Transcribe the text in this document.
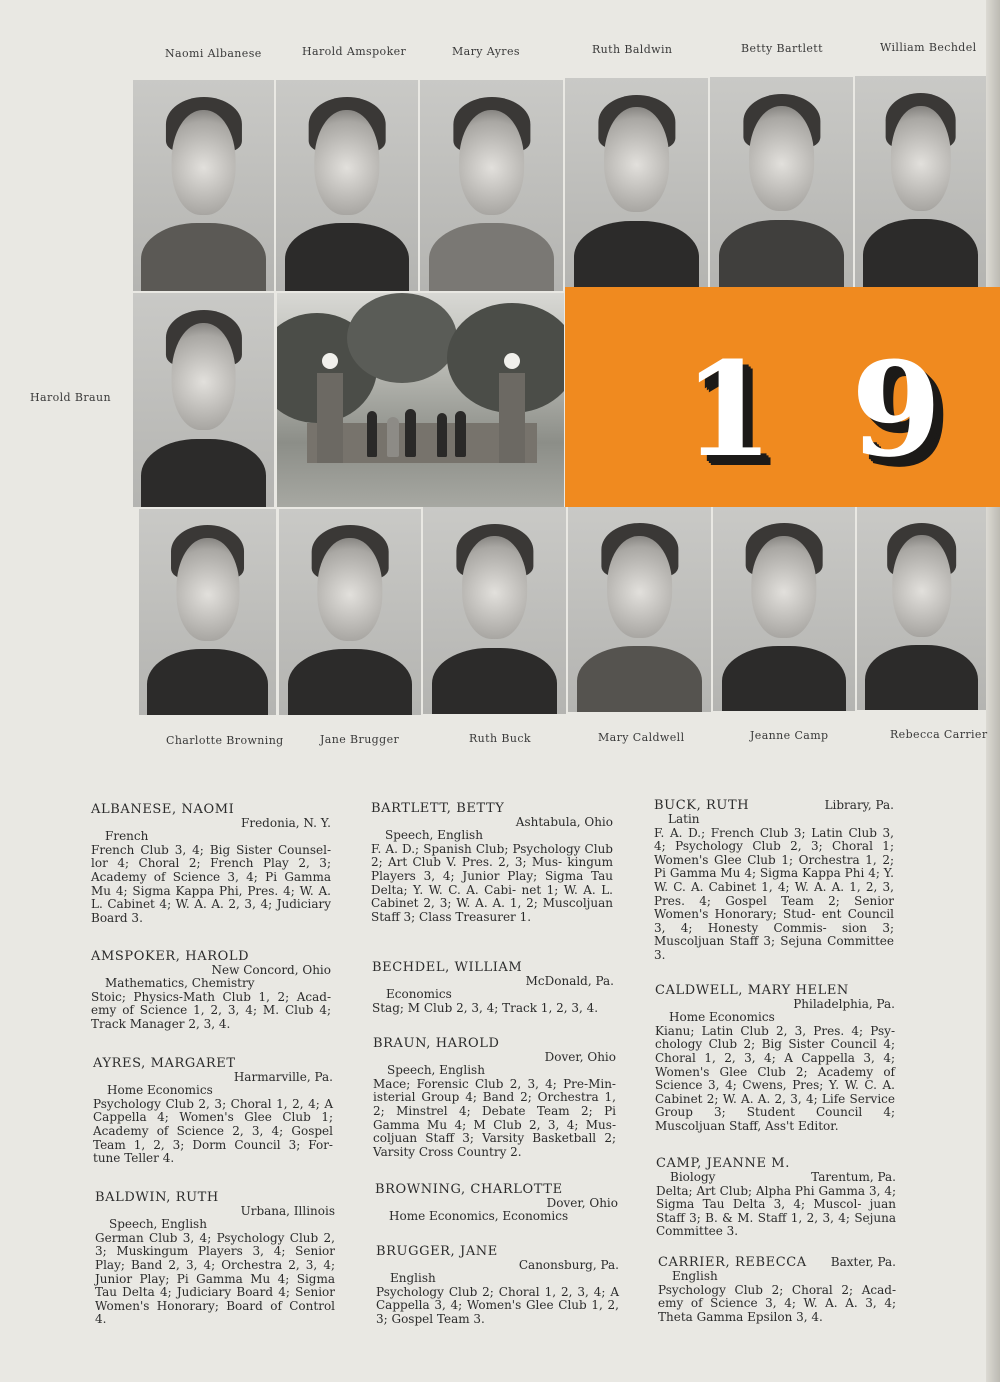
Naomi Albanese	Harold Amspoker	Mary Ayres	Ruth Baldwin	Betty Bartlett	William Bechdel
Harold Braun	1 9
Charlotte Browning	Jane Brugger	Ruth Buck	Mary Caldwell	Jeanne Camp	Rebecca Carrier
ALBANESE, NAOMI
Fredonia, N. Y.
French
French Club 3, 4; Big Sister Counsel- lor 4; Choral 2; French Play 2, 3; Academy of Science 3, 4; Pi Gamma Mu 4; Sigma Kappa Phi, Pres. 4; W. A. L. Cabinet 4; W. A. A. 2, 3, 4; Judiciary Board 3.
AMSPOKER, HAROLD
New Concord, Ohio
Mathematics, Chemistry
Stoic; Physics-Math Club 1, 2; Acad- emy of Science 1, 2, 3, 4; M. Club 4; Track Manager 2, 3, 4.
AYRES, MARGARET
Harmarville, Pa.
Home Economics
Psychology Club 2, 3; Choral 1, 2, 4; A Cappella 4; Women's Glee Club 1; Academy of Science 2, 3, 4; Gospel Team 1, 2, 3; Dorm Council 3; For- tune Teller 4.
BALDWIN, RUTH
Urbana, Illinois
Speech, English
German Club 3, 4; Psychology Club 2, 3; Muskingum Players 3, 4; Senior Play; Band 2, 3, 4; Orchestra 2, 3, 4; Junior Play; Pi Gamma Mu 4; Sigma Tau Delta 4; Judiciary Board 4; Senior Women's Honorary; Board of Control 4.
BARTLETT, BETTY
Ashtabula, Ohio
Speech, English
F. A. D.; Spanish Club; Psychology Club 2; Art Club V. Pres. 2, 3; Mus- kingum Players 3, 4; Junior Play; Sigma Tau Delta; Y. W. C. A. Cabi- net 1; W. A. L. Cabinet 2, 3; W. A. A. 1, 2; Muscoljuan Staff 3; Class Treasurer 1.
BECHDEL, WILLIAM
McDonald, Pa.
Economics
Stag; M Club 2, 3, 4; Track 1, 2, 3, 4.
BRAUN, HAROLD
Dover, Ohio
Speech, English
Mace; Forensic Club 2, 3, 4; Pre-Min- isterial Group 4; Band 2; Orchestra 1, 2; Minstrel 4; Debate Team 2; Pi Gamma Mu 4; M Club 2, 3, 4; Mus- coljuan Staff 3; Varsity Basketball 2; Varsity Cross Country 2.
BROWNING, CHARLOTTE
Dover, Ohio
Home Economics, Economics
BRUGGER, JANE
Canonsburg, Pa.
English
Psychology Club 2; Choral 1, 2, 3, 4; A Cappella 3, 4; Women's Glee Club 1, 2, 3; Gospel Team 3.
BUCK, RUTH	Library, Pa.
Latin
F. A. D.; French Club 3; Latin Club 3, 4; Psychology Club 2, 3; Choral 1; Women's Glee Club 1; Orchestra 1, 2; Pi Gamma Mu 4; Sigma Kappa Phi 4; Y. W. C. A. Cabinet 1, 4; W. A. A. 1, 2, 3, Pres. 4; Gospel Team 2; Senior Women's Honorary; Stud- ent Council 3, 4; Honesty Commis- sion 3; Muscoljuan Staff 3; Sejuna Committee 3.
CALDWELL, MARY HELEN
Philadelphia, Pa.
Home Economics
Kianu; Latin Club 2, 3, Pres. 4; Psy- chology Club 2; Big Sister Council 4; Choral 1, 2, 3, 4; A Cappella 3, 4; Women's Glee Club 2; Academy of Science 3, 4; Cwens, Pres; Y. W. C. A. Cabinet 2; W. A. A. 2, 3, 4; Life Service Group 3; Student Council 4; Muscoljuan Staff, Ass't Editor.
CAMP, JEANNE M.
Biology	Tarentum, Pa.
Delta; Art Club; Alpha Phi Gamma 3, 4; Sigma Tau Delta 3, 4; Muscol- juan Staff 3; B. & M. Staff 1, 2, 3, 4; Sejuna Committee 3.
CARRIER, REBECCA Baxter, Pa.
English
Psychology Club 2; Choral 2; Acad- emy of Science 3, 4; W. A. A. 3, 4; Theta Gamma Epsilon 3, 4.
